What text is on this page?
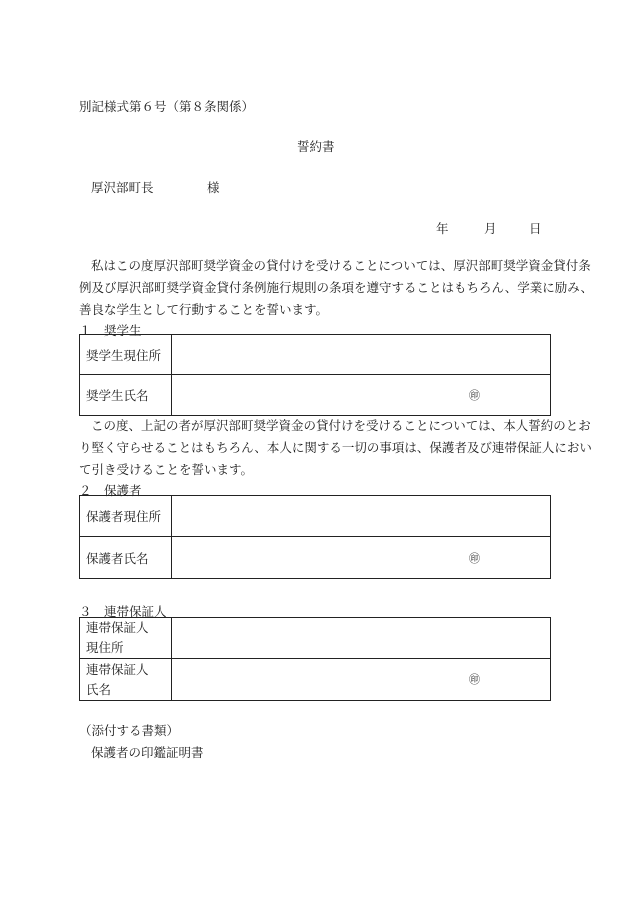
別記様式第６号（第８条関係）
誓約書
厚沢部町長	様
年	月	日
私はこの度厚沢部町奨学資金の貸付けを受けることについては、厚沢部町奨学資金貸付条
例及び厚沢部町奨学資金貸付条例施行規則の条項を遵守することはもちろん、学業に励み、
善良な学生として行動することを誓います。
１　奨学生
奨学生現住所	
奨学生氏名	㊞
この度、上記の者が厚沢部町奨学資金の貸付けを受けることについては、本人誓約のとお
り堅く守らせることはもちろん、本人に関する一切の事項は、保護者及び連帯保証人におい
て引き受けることを誓います。
２　保護者
保護者現住所	
保護者氏名	㊞
３　連帯保証人
連帯保証人
現住所	

連帯保証人
氏名	㊞
（添付する書類）
保護者の印鑑証明書
